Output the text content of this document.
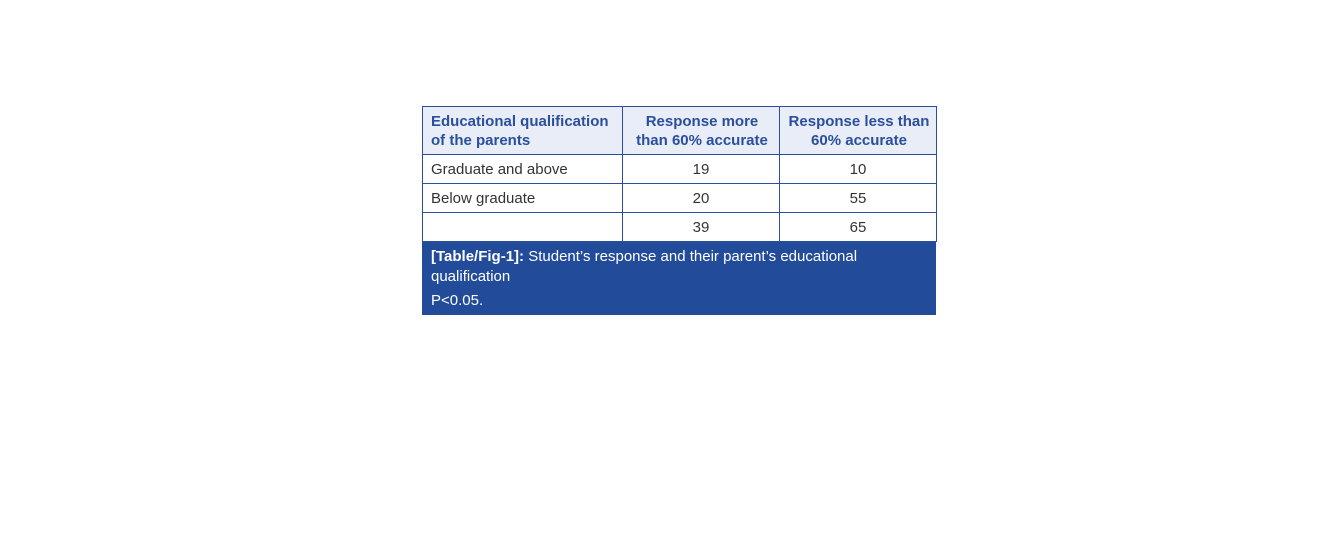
Educational qualification of the parents	Response more than 60% accurate	Response less than 60% accurate
Graduate and above	19	10
Below graduate	20	55
	39	65
[Table/Fig-1]: Student’s response and their parent’s educational qualification
P<0.05.
